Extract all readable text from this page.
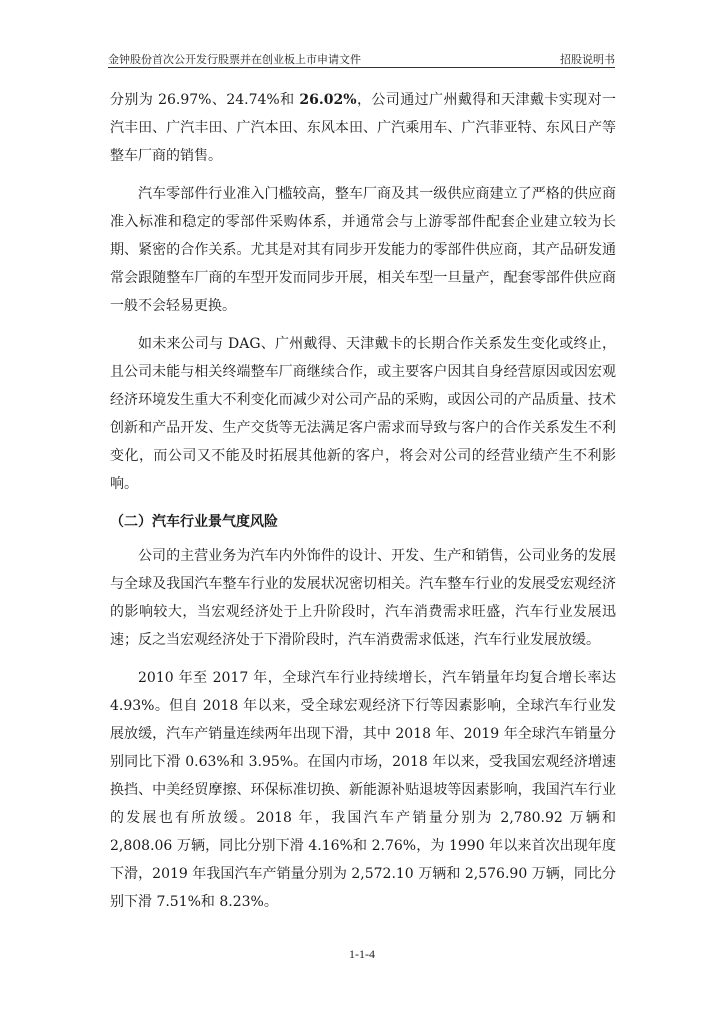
金钟股份首次公开发行股票并在创业板上市申请文件	招股说明书

分别为 26.97%、24.74%和 26.02%，公司通过广州戴得和天津戴卡实现对一汽丰田、广汽丰田、广汽本田、东风本田、广汽乘用车、广汽菲亚特、东风日产等整车厂商的销售。

汽车零部件行业准入门槛较高，整车厂商及其一级供应商建立了严格的供应商准入标准和稳定的零部件采购体系，并通常会与上游零部件配套企业建立较为长期、紧密的合作关系。尤其是对其有同步开发能力的零部件供应商，其产品研发通常会跟随整车厂商的车型开发而同步开展，相关车型一旦量产，配套零部件供应商一般不会轻易更换。

如未来公司与 DAG、广州戴得、天津戴卡的长期合作关系发生变化或终止，且公司未能与相关终端整车厂商继续合作，或主要客户因其自身经营原因或因宏观经济环境发生重大不利变化而减少对公司产品的采购，或因公司的产品质量、技术创新和产品开发、生产交货等无法满足客户需求而导致与客户的合作关系发生不利变化，而公司又不能及时拓展其他新的客户，将会对公司的经营业绩产生不利影响。

（二）汽车行业景气度风险

公司的主营业务为汽车内外饰件的设计、开发、生产和销售，公司业务的发展与全球及我国汽车整车行业的发展状况密切相关。汽车整车行业的发展受宏观经济的影响较大，当宏观经济处于上升阶段时，汽车消费需求旺盛，汽车行业发展迅速；反之当宏观经济处于下滑阶段时，汽车消费需求低迷，汽车行业发展放缓。

2010 年至 2017 年，全球汽车行业持续增长，汽车销量年均复合增长率达 4.93%。但自 2018 年以来，受全球宏观经济下行等因素影响，全球汽车行业发展放缓，汽车产销量连续两年出现下滑，其中 2018 年、2019 年全球汽车销量分别同比下滑 0.63%和 3.95%。在国内市场，2018 年以来，受我国宏观经济增速换挡、中美经贸摩擦、环保标准切换、新能源补贴退坡等因素影响，我国汽车行业的发展也有所放缓。2018 年，我国汽车产销量分别为 2,780.92 万辆和 2,808.06 万辆，同比分别下滑 4.16%和 2.76%，为 1990 年以来首次出现年度下滑，2019 年我国汽车产销量分别为 2,572.10 万辆和 2,576.90 万辆，同比分别下滑 7.51%和 8.23%。

1-1-4
